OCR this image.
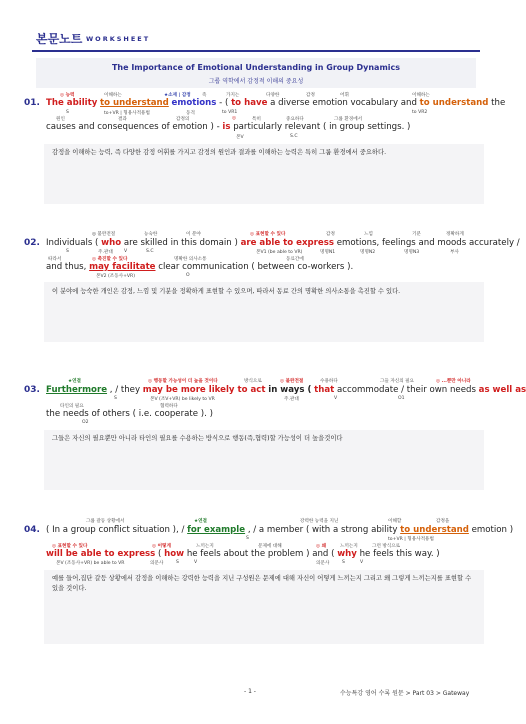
본문노트 WORKSHEET
The Importance of Emotional Understanding in Group Dynamics
그룹 역학에서 감정적 이해의 중요성
01.
◎ 능력	이해하는	★소재 | 감정 즉	가지는	다양한	감정	어휘	이해하는
The ability to understand emotions - ( to have a diverse emotion vocabulary and to understand the
S	to+VR | 형용사적용법	동격	to VR1	to VR2
원인	결과	감정의	◎	특히	중요하다	그룹 환경에서
causes and consequences of emotion ) - is particularly relevant ( in group settings. )
본V	S.C
감정을 이해하는 능력, 즉 다양한 감정 어휘를 가지고 감정의 원인과 결과를 이해하는 능력은 특히 그룹 환경에서 중요하다.
02.
◎ 불완전절	능숙한	이 분야	◎ 표현할 수 있다	감정	느낌	기분	정확하게
Individuals ( who are skilled in this domain ) are able to express emotions, feelings and moods accurately /
S	주.관대 V	S.C	본V1 (be able to VR)	명명N1	명명N2	명명N3	부사
따라서	◎ 촉진할 수 있다	명확한 의사소통	동료간에
and thus, may facilitate clear communication ( between co-workers ).
본V2 (조동사+VR)	O
이 분야에 능숙한 개인은 감정, 느낌 및 기분을 정확하게 표현할 수 있으며, 따라서 동료 간의 명확한 의사소통을 촉진할 수 있다.
03.
★연결	◎ 행동할 가능성이 더 높을 것이다	방식으로	◎ 불완전절	수용하다	그들 자신의 필요	◎ ...뿐만 아니라
Furthermore , / they may be more likely to act in ways ( that accommodate / their own needs as well as
S	본V (조V+VR) be likely to VR	주.관대	V	O1
타인의 필요	협력하다
the needs of others ( i.e. cooperate ). )
O2
그들은 자신의 필요뿐만 아니라 타인의 필요를 수용하는 방식으로 행동(즉,협력)할 가능성이 더 높을것이다
04.
그룹 갈등 상황에서	★연결	강력한 능력을 지닌	이해할	감정을
( In a group conflict situation ), / for example , / a member ( with a strong ability to understand emotion )
S	to+VR | 형용사적용법
◎ 표현할 수 있다	◎ 어떻게	느끼는지	문제에 대해	◎ 왜	느끼는지	그런 방식으로
will be able to express ( how he feels about the problem ) and ( why he feels this way. )
본V (조동사+VR) be able to VR	의문사	S	V	의문사	S	V
예를 들어,집단 갈등 상황에서 감정을 이해하는 강력한 능력을 지닌 구성원은 문제에 대해 자신이 어떻게 느끼는지 그리고 왜 그렇게 느끼는지를 표현할 수 있을 것이다.
- 1 -	수능특강 영어 수록 원문 > Part 03 > Gateway
